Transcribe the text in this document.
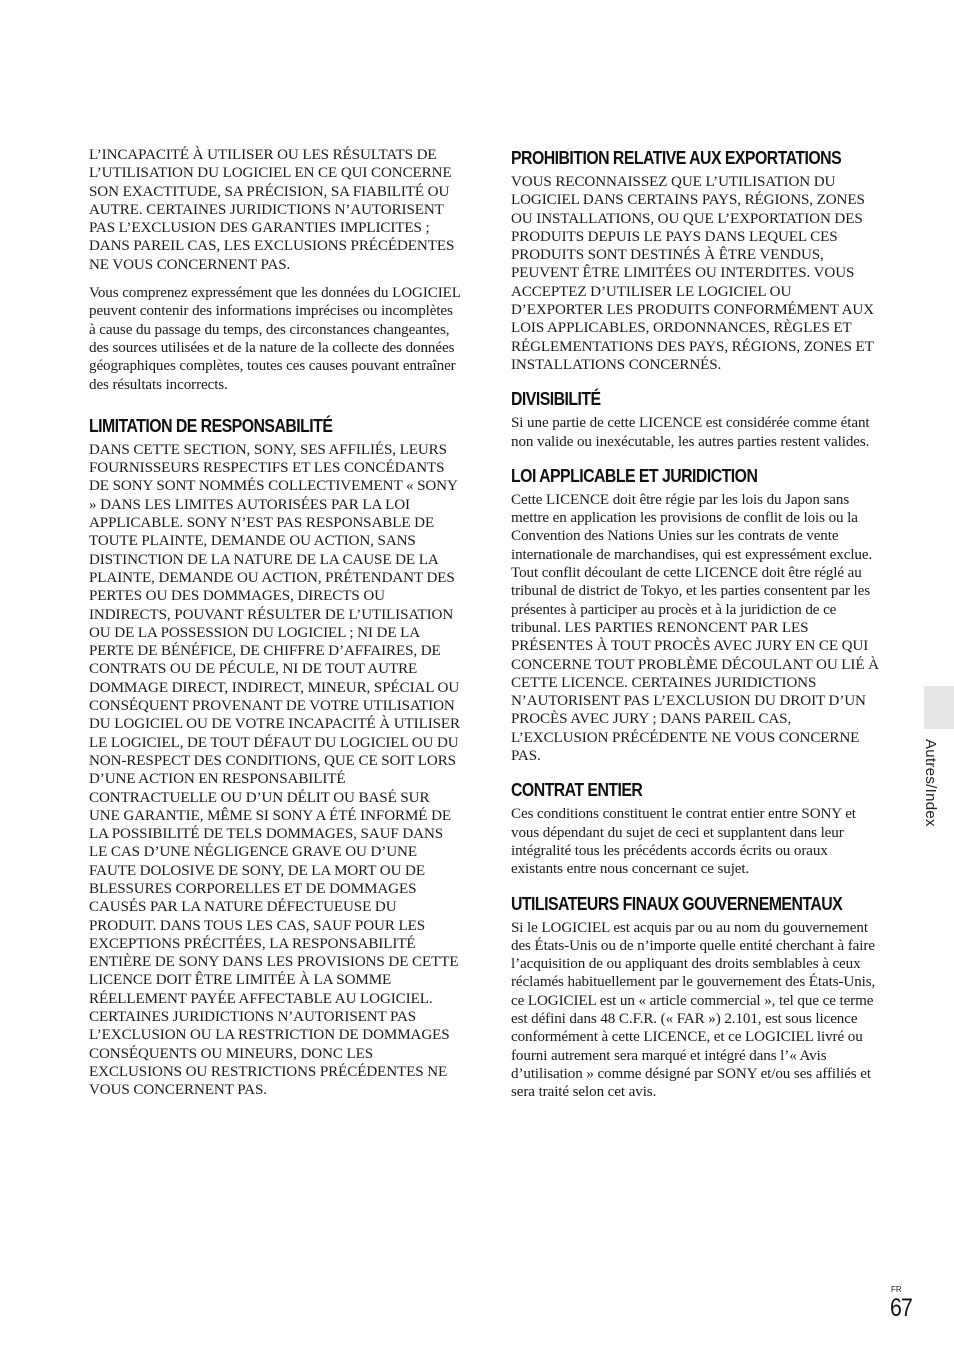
L’INCAPACITÉ À UTILISER OU LES RÉSULTATS DE L’UTILISATION DU LOGICIEL EN CE QUI CONCERNE SON EXACTITUDE, SA PRÉCISION, SA FIABILITÉ OU AUTRE. CERTAINES JURIDICTIONS N’AUTORISENT PAS L’EXCLUSION DES GARANTIES IMPLICITES ; DANS PAREIL CAS, LES EXCLUSIONS PRÉCÉDENTES NE VOUS CONCERNENT PAS.

Vous comprenez expressément que les données du LOGICIEL peuvent contenir des informations imprécises ou incomplètes à cause du passage du temps, des circonstances changeantes, des sources utilisées et de la nature de la collecte des données géographiques complètes, toutes ces causes pouvant entraîner des résultats incorrects.

LIMITATION DE RESPONSABILITÉ

DANS CETTE SECTION, SONY, SES AFFILIÉS, LEURS FOURNISSEURS RESPECTIFS ET LES CONCÉDANTS DE SONY SONT NOMMÉS COLLECTIVEMENT « SONY » DANS LES LIMITES AUTORISÉES PAR LA LOI APPLICABLE. SONY N’EST PAS RESPONSABLE DE TOUTE PLAINTE, DEMANDE OU ACTION, SANS DISTINCTION DE LA NATURE DE LA CAUSE DE LA PLAINTE, DEMANDE OU ACTION, PRÉTENDANT DES PERTES OU DES DOMMAGES, DIRECTS OU INDIRECTS, POUVANT RÉSULTER DE L’UTILISATION OU DE LA POSSESSION DU LOGICIEL ; NI DE LA PERTE DE BÉNÉFICE, DE CHIFFRE D’AFFAIRES, DE CONTRATS OU DE PÉCULE, NI DE TOUT AUTRE DOMMAGE DIRECT, INDIRECT, MINEUR, SPÉCIAL OU CONSÉQUENT PROVENANT DE VOTRE UTILISATION DU LOGICIEL OU DE VOTRE INCAPACITÉ À UTILISER LE LOGICIEL, DE TOUT DÉFAUT DU LOGICIEL OU DU NON-RESPECT DES CONDITIONS, QUE CE SOIT LORS D’UNE ACTION EN RESPONSABILITÉ CONTRACTUELLE OU D’UN DÉLIT OU BASÉ SUR UNE GARANTIE, MÊME SI SONY A ÉTÉ INFORMÉ DE LA POSSIBILITÉ DE TELS DOMMAGES, SAUF DANS LE CAS D’UNE NÉGLIGENCE GRAVE OU D’UNE FAUTE DOLOSIVE DE SONY, DE LA MORT OU DE BLESSURES CORPORELLES ET DE DOMMAGES CAUSÉS PAR LA NATURE DÉFECTUEUSE DU PRODUIT. DANS TOUS LES CAS, SAUF POUR LES EXCEPTIONS PRÉCITÉES, LA RESPONSABILITÉ ENTIÈRE DE SONY DANS LES PROVISIONS DE CETTE LICENCE DOIT ÊTRE LIMITÉE À LA SOMME RÉELLEMENT PAYÉE AFFECTABLE AU LOGICIEL. CERTAINES JURIDICTIONS N’AUTORISENT PAS L’EXCLUSION OU LA RESTRICTION DE DOMMAGES CONSÉQUENTS OU MINEURS, DONC LES EXCLUSIONS OU RESTRICTIONS PRÉCÉDENTES NE VOUS CONCERNENT PAS.

PROHIBITION RELATIVE AUX EXPORTATIONS

VOUS RECONNAISSEZ QUE L’UTILISATION DU LOGICIEL DANS CERTAINS PAYS, RÉGIONS, ZONES OU INSTALLATIONS, OU QUE L’EXPORTATION DES PRODUITS DEPUIS LE PAYS DANS LEQUEL CES PRODUITS SONT DESTINÉS À ÊTRE VENDUS, PEUVENT ÊTRE LIMITÉES OU INTERDITES. VOUS ACCEPTEZ D’UTILISER LE LOGICIEL OU D’EXPORTER LES PRODUITS CONFORMÉMENT AUX LOIS APPLICABLES, ORDONNANCES, RÈGLES ET RÉGLEMENTATIONS DES PAYS, RÉGIONS, ZONES ET INSTALLATIONS CONCERNÉS.

DIVISIBILITÉ

Si une partie de cette LICENCE est considérée comme étant non valide ou inexécutable, les autres parties restent valides.

LOI APPLICABLE ET JURIDICTION

Cette LICENCE doit être régie par les lois du Japon sans mettre en application les provisions de conflit de lois ou la Convention des Nations Unies sur les contrats de vente internationale de marchandises, qui est expressément exclue. Tout conflit découlant de cette LICENCE doit être réglé au tribunal de district de Tokyo, et les parties consentent par les présentes à participer au procès et à la juridiction de ce tribunal. LES PARTIES RENONCENT PAR LES PRÉSENTES À TOUT PROCÈS AVEC JURY EN CE QUI CONCERNE TOUT PROBLÈME DÉCOULANT OU LIÉ À CETTE LICENCE. CERTAINES JURIDICTIONS N’AUTORISENT PAS L’EXCLUSION DU DROIT D’UN PROCÈS AVEC JURY ; DANS PAREIL CAS, L’EXCLUSION PRÉCÉDENTE NE VOUS CONCERNE PAS.

CONTRAT ENTIER

Ces conditions constituent le contrat entier entre SONY et vous dépendant du sujet de ceci et supplantent dans leur intégralité tous les précédents accords écrits ou oraux existants entre nous concernant ce sujet.

UTILISATEURS FINAUX GOUVERNEMENTAUX

Si le LOGICIEL est acquis par ou au nom du gouvernement des États-Unis ou de n’importe quelle entité cherchant à faire l’acquisition de ou appliquant des droits semblables à ceux réclamés habituellement par le gouvernement des États-Unis, ce LOGICIEL est un « article commercial », tel que ce terme est défini dans 48 C.F.R. (« FAR ») 2.101, est sous licence conformément à cette LICENCE, et ce LOGICIEL livré ou fourni autrement sera marqué et intégré dans l’« Avis d’utilisation » comme désigné par SONY et/ou ses affiliés et sera traité selon cet avis.

Autres/Index
FR
67
